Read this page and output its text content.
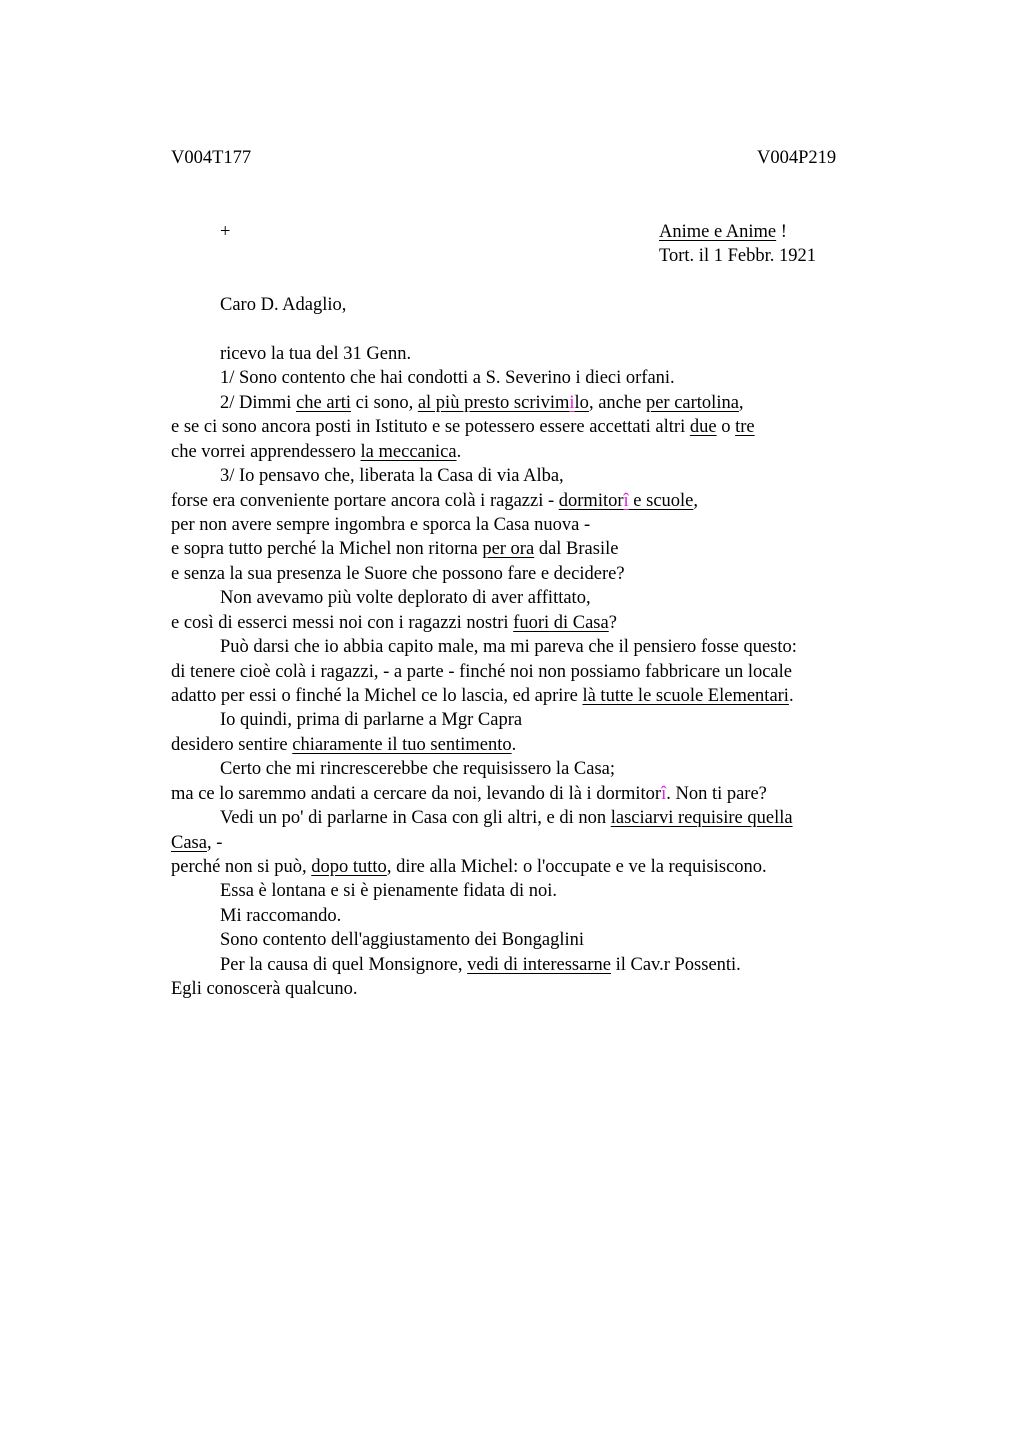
V004T177	V004P219
+	Anime e Anime !
Tort. il 1 Febbr. 1921
Caro D. Adaglio,
ricevo la tua del 31 Genn.
1/ Sono contento che hai condotti a S. Severino i dieci orfani.
2/ Dimmi che arti ci sono, al più presto scrivimilo, anche per cartolina,
e se ci sono ancora posti in Istituto e se potessero essere accettati altri due o tre
che vorrei apprendessero la meccanica.
3/ Io pensavo che, liberata la Casa di via Alba,
forse era conveniente portare ancora colà i ragazzi - dormitorî e scuole,
per non avere sempre ingombra e sporca la Casa nuova -
e sopra tutto perché la Michel non ritorna per ora dal Brasile
e senza la sua presenza le Suore che possono fare e decidere?
Non avevamo più volte deplorato di aver affittato,
e così di esserci messi noi con i ragazzi nostri fuori di Casa?
Può darsi che io abbia capito male, ma mi pareva che il pensiero fosse questo:
di tenere cioè colà i ragazzi, - a parte - finché noi non possiamo fabbricare un locale
adatto per essi o finché la Michel ce lo lascia, ed aprire là tutte le scuole Elementari.
Io quindi, prima di parlarne a Mgr Capra
desidero sentire chiaramente il tuo sentimento.
Certo che mi rincrescerebbe che requisissero la Casa;
ma ce lo saremmo andati a cercare da noi, levando di là i dormitorî. Non ti pare?
Vedi un po' di parlarne in Casa con gli altri, e di non lasciarvi requisire quella
Casa, -
perché non si può, dopo tutto, dire alla Michel: o l'occupate e ve la requisiscono.
Essa è lontana e si è pienamente fidata di noi.
Mi raccomando.
Sono contento dell'aggiustamento dei Bongaglini
Per la causa di quel Monsignore, vedi di interessarne il Cav.r Possenti.
Egli conoscerà qualcuno.
